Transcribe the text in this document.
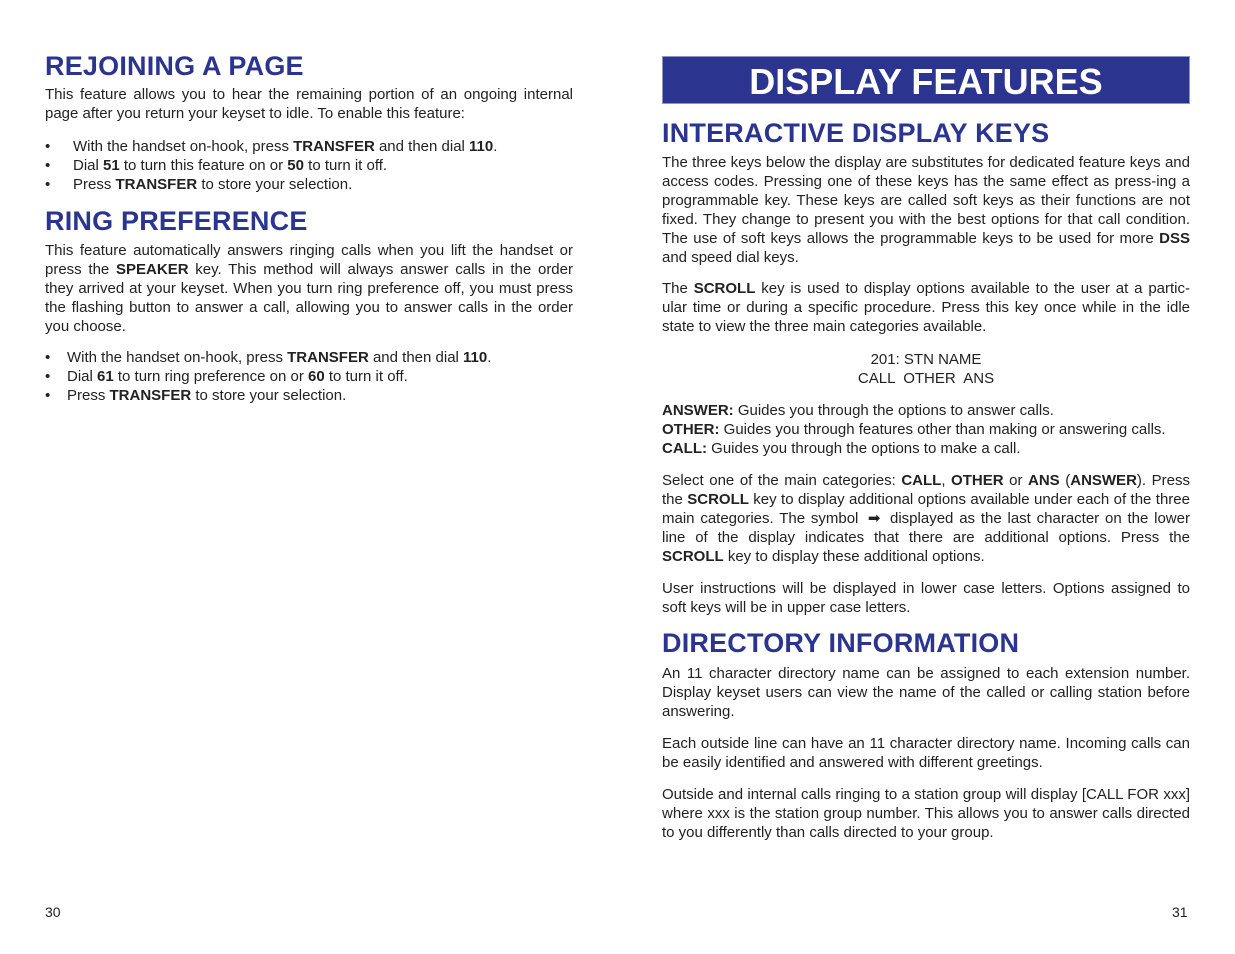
REJOINING A PAGE

This feature allows you to hear the remaining portion of an ongoing internal page after you return your keyset to idle. To enable this feature:

• With the handset on-hook, press TRANSFER and then dial 110.
• Dial 51 to turn this feature on or 50 to turn it off.
• Press TRANSFER to store your selection.
RING PREFERENCE

This feature automatically answers ringing calls when you lift the handset or press the SPEAKER key. This method will always answer calls in the order they arrived at your keyset. When you turn ring preference off, you must press the flashing button to answer a call, allowing you to answer calls in the order you choose.

• With the handset on-hook, press TRANSFER and then dial 110.
• Dial 61 to turn ring preference on or 60 to turn it off.
• Press TRANSFER to store your selection.
30
DISPLAY FEATURES
INTERACTIVE DISPLAY KEYS

The three keys below the display are substitutes for dedicated feature keys and access codes. Pressing one of these keys has the same effect as press-ing a programmable key. These keys are called soft keys as their functions are not fixed. They change to present you with the best options for that call condition. The use of soft keys allows the programmable keys to be used for more DSS and speed dial keys.

The SCROLL key is used to display options available to the user at a partic-ular time or during a specific procedure. Press this key once while in the idle state to view the three main categories available.

201: STN NAME
CALL  OTHER  ANS
ANSWER: Guides you through the options to answer calls.
OTHER: Guides you through features other than making or answering calls.
CALL: Guides you through the options to make a call.

Select one of the main categories: CALL, OTHER or ANS (ANSWER). Press the SCROLL key to display additional options available under each of the three main categories. The symbol ➡ displayed as the last character on the lower line of the display indicates that there are additional options. Press the SCROLL key to display these additional options.

User instructions will be displayed in lower case letters. Options assigned to soft keys will be in upper case letters.

DIRECTORY INFORMATION

An 11 character directory name can be assigned to each extension number. Display keyset users can view the name of the called or calling station before answering.

Each outside line can have an 11 character directory name. Incoming calls can be easily identified and answered with different greetings.

Outside and internal calls ringing to a station group will display [CALL FOR xxx] where xxx is the station group number. This allows you to answer calls directed to you differently than calls directed to your group.

31
